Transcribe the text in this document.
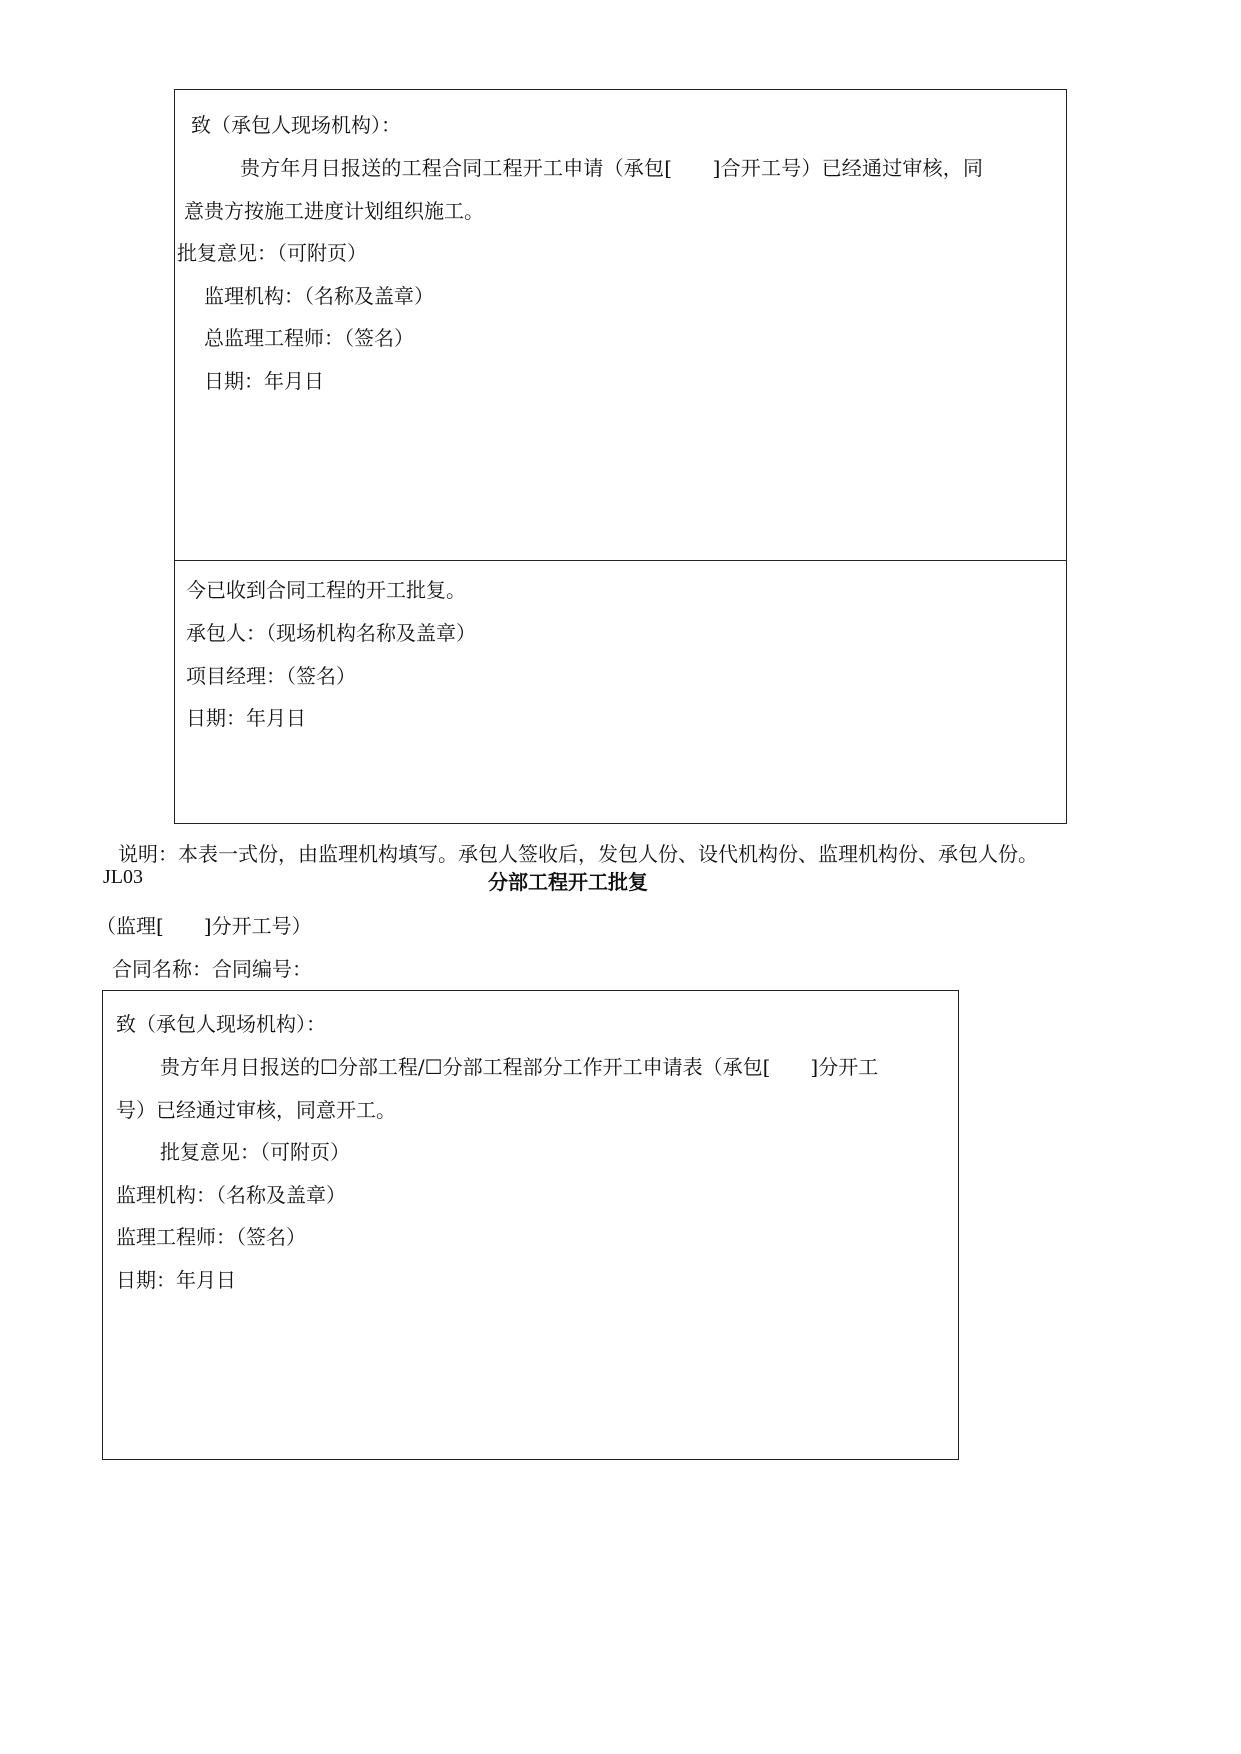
致（承包人现场机构）：
贵方年月日报送的工程合同工程开工申请（承包[　　]合开工号）已经通过审核，同
意贵方按施工进度计划组织施工。
批复意见：（可附页）
监理机构：（名称及盖章）
总监理工程师：（签名）
日期：年月日
今已收到合同工程的开工批复。
承包人：（现场机构名称及盖章）
项目经理：（签名）
日期：年月日
说明：本表一式份，由监理机构填写。承包人签收后，发包人份、设代机构份、监理机构份、承包人份。
JL03	分部工程开工批复
（监理[　　]分开工号）
合同名称：合同编号：
致（承包人现场机构）：
贵方年月日报送的☐分部工程/☐分部工程部分工作开工申请表（承包[　　]分开工
号）已经通过审核，同意开工。
批复意见：（可附页）
监理机构：（名称及盖章）
监理工程师：（签名）
日期：年月日
